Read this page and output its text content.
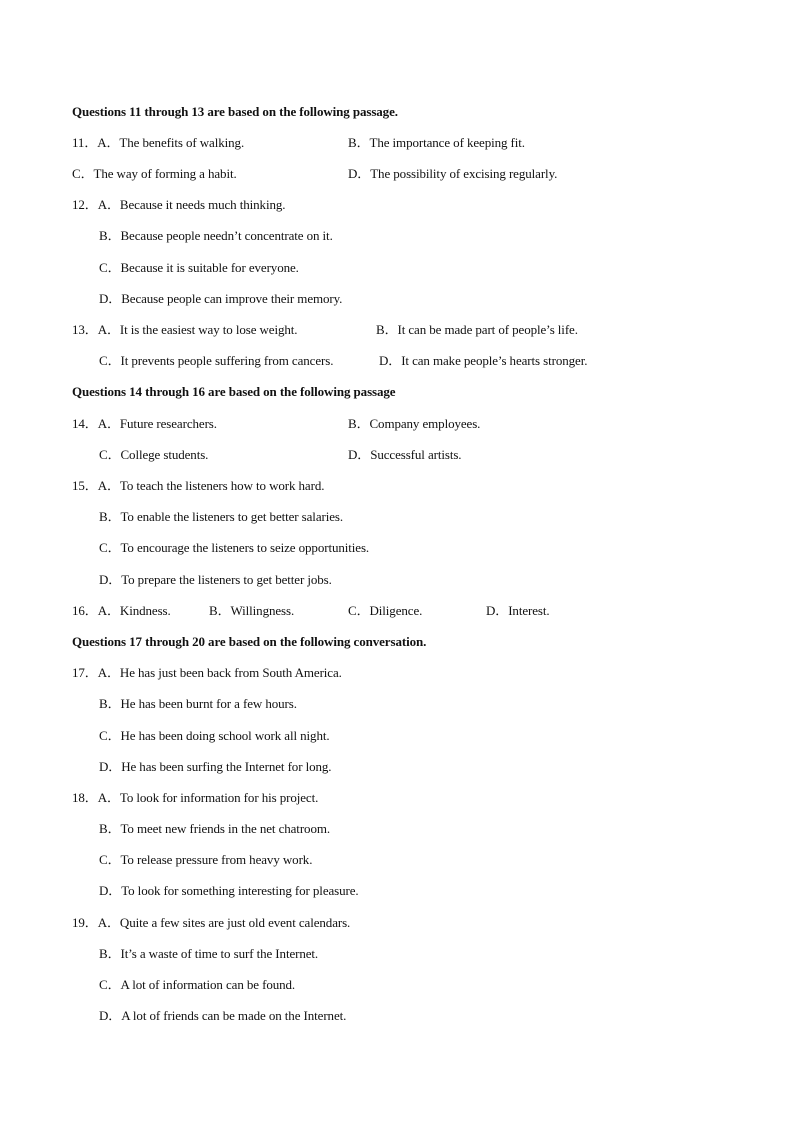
Questions 11 through 13 are based on the following passage.
11．A．The benefits of walking.	B．The importance of keeping fit.
C．The way of forming a habit.	D．The possibility of excising regularly.
12．A．Because it needs much thinking.
B．Because people needn’t concentrate on it.
C．Because it is suitable for everyone.
D．Because people can improve their memory.
13．A．It is the easiest way to lose weight.	B．It can be made part of people’s life.
C．It prevents people suffering from cancers.	D．It can make people’s hearts stronger.
Questions 14 through 16 are based on the following passage
14．A．Future researchers.	B．Company employees.
C．College students.	D．Successful artists.
15．A．To teach the listeners how to work hard.
B．To enable the listeners to get better salaries.
C．To encourage the listeners to seize opportunities.
D．To prepare the listeners to get better jobs.
16．A．Kindness.	B．Willingness.	C．Diligence.	D．Interest.
Questions 17 through 20 are based on the following conversation.
17．A．He has just been back from South America.
B．He has been burnt for a few hours.
C．He has been doing school work all night.
D．He has been surfing the Internet for long.
18．A．To look for information for his project.
B．To meet new friends in the net chatroom.
C．To release pressure from heavy work.
D．To look for something interesting for pleasure.
19．A．Quite a few sites are just old event calendars.
B．It’s a waste of time to surf the Internet.
C．A lot of information can be found.
D．A lot of friends can be made on the Internet.
